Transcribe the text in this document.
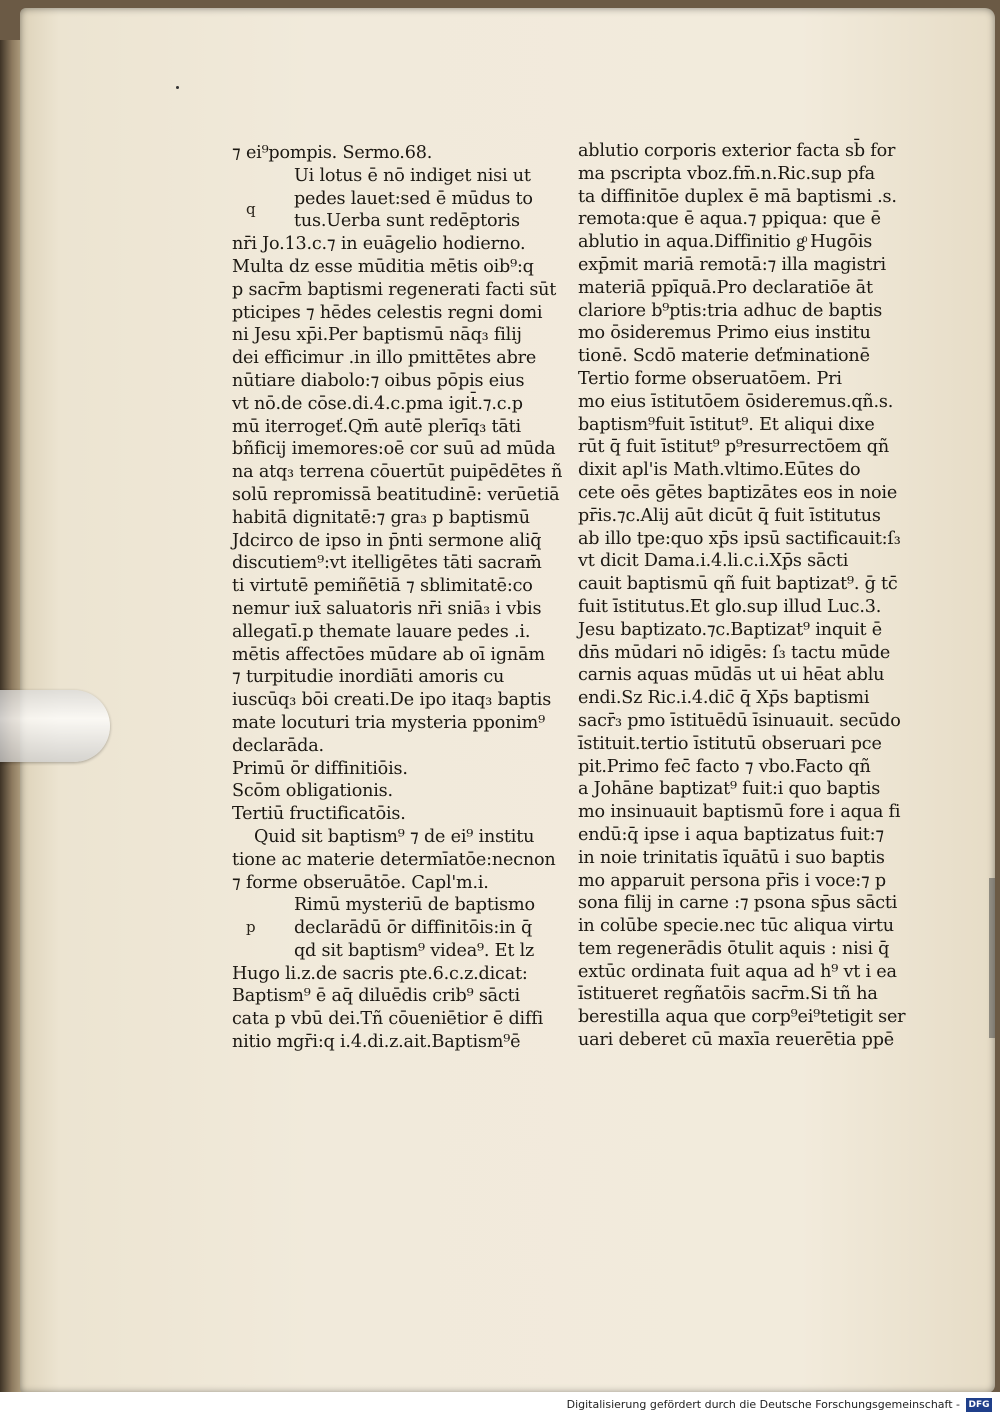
q
p
⁊ ei⁹pompis. Sermo.68.
Ui lotus ē nō indiget nisi ut
pedes lauet:sed ē mūdus to
tus.Uerba sunt redēptoris
nr̄i Jo.13.c.⁊ in euāgelio hodierno.
Multa dz esse mūditia mētis oib⁹:q
p sacr̄m baptismi regenerati facti sūt
pticipes ⁊ hēdes celestis regni domi
ni Jesu xp̄i.Per baptismū nāq₃ filij
dei efficimur .in illo pmittētes abre
nūtiare diabolo:⁊ oibus pōpis eius
vt nō.de cōse.di.4.c.pma igit̄.⁊.c.p
mū iterrogeť.Qm̄ autē plerīq₃ tāti
bñficij imemores:oē cor suū ad mūda
na atq₃ terrena cōuertūt puipēdētes ñ
solū repromissā beatitudinē: verūetiā
habitā dignitatē:⁊ gra₃ p baptismū
Jdcirco de ipso in p̄nti sermone aliq̄
discutiem⁹:vt itelligētes tāti sacram̄
ti virtutē pemiñētiā ⁊ sblimitatē:co
nemur iux̄ saluatoris nr̄i sniā₃ i vbis
allegatī.p themate lauare pedes .i.
mētis affectōes mūdare ab oī ignām
⁊ turpitudie inordiāti amoris cu
iuscūq₃ bōi creati.De ipo itaq₃ baptis
mate locuturi tria mysteria pponim⁹
declarāda.
Primū ōr diffinitiōis.
Scōm obligationis.
Tertiū fructificatōis.
Quid sit baptism⁹ ⁊ de ei⁹ institu
tione ac materie determīatōe:necnon
⁊ forme obseruātōe. Capl'm.i.
Rimū mysteriū de baptismo
declarādū ōr diffinitōis:in q̄
qd sit baptism⁹ videa⁹. Et lz
Hugo li.z.de sacris pte.6.c.z.dicat:
Baptism⁹ ē aq̄ diluēdis crib⁹ sācti
cata p vbū dei.Tñ cōueniētior ē diffi
nitio mgr̄i:q i.4.di.z.ait.Baptism⁹ē
ablutio corporis exterior facta sb̄ for
ma pscripta vboz.fm̄.n.Ric.sup pfa
ta diffinitōe duplex ē mā baptismi .s.
remota:que ē aqua.⁊ ppiqua: que ē
ablutio in aqua.Diffinitio gͦ Hugōis
exp̄mit mariā remotā:⁊ illa magistri
materiā ppīquā.Pro declaratiōe āt
clariore b⁹ptis:tria adhuc de baptis
mo ōsideremus Primo eius institu
tionē. Scdō materie deťminationē
Tertio forme obseruatōem. Pri
mo eius īstitutōem ōsideremus.qñ.s.
baptism⁹fuit īstitut⁹. Et aliqui dixe
rūt q̄ fuit īstitut⁹ p⁹resurrectōem qñ
dixit apl'is Math.vltimo.Eūtes do
cete oēs gētes baptizātes eos in noie
pr̄is.⁊c.Alij aūt dicūt q̄ fuit īstitutus
ab illo tpe:quo xp̄s ipsū sactificauit:ſ₃
vt dicit Dama.i.4.li.c.i.Xp̄s sācti
cauit baptismū qñ fuit baptizat⁹. ḡ tc̄
fuit īstitutus.Et glo.sup illud Luc.3.
Jesu baptizato.⁊c.Baptizat⁹ inquit ē
dn̄s mūdari nō idigēs: ſ₃ tactu mūde
carnis aquas mūdās ut ui hēat ablu
endi.Sz Ric.i.4.dic̄ q̄ Xp̄s baptismi
sacr̄₃ pmo īstituēdū īsinuauit. secūdo
īstituit.tertio īstitutū obseruari pce
pit.Primo fec̄ facto ⁊ vbo.Facto qñ
a Johāne baptizat⁹ fuit:i quo baptis
mo insinuauit baptismū fore i aqua fi
endū:q̄ ipse i aqua baptizatus fuit:⁊
in noie trinitatis īquātū i suo baptis
mo apparuit persona pr̄is i voce:⁊ p
sona filij in carne :⁊ psona sp̄us sācti
in colūbe specie.nec tūc aliqua virtu
tem regenerādis ōtulit aquis : nisi q̄
extūc ordinata fuit aqua ad h⁹ vt i ea
īstitueret regñatōis sacr̄m.Si tñ ha
berestilla aqua que corp⁹ei⁹tetigit ser
uari deberet cū maxīa reuerētia ppē
Digitalisierung gefördert durch die Deutsche Forschungsgemeinschaft - DFG
